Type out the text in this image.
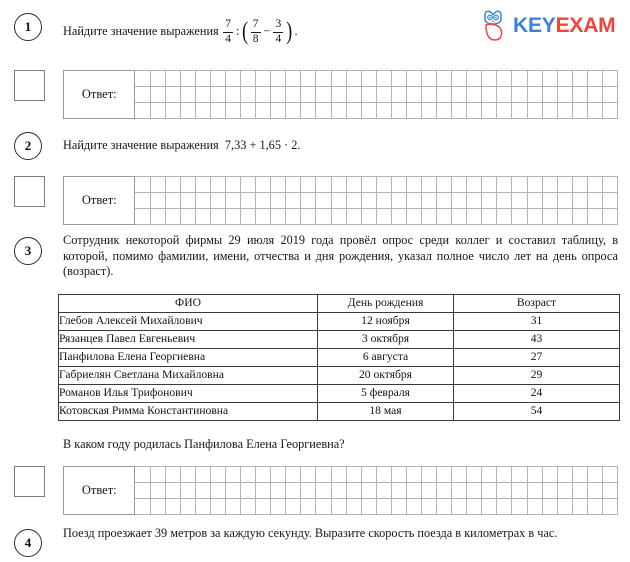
KEYEXAM
1	Найдите значение выражения $\frac{7}{4}$ : ( $\frac{7}{8} - \frac{3}{4}$ ) .
Ответ:																																

2	Найдите значение выражения 7,33 + 1,65 · 2.
Ответ:																																

3
Сотрудник некоторой фирмы 29 июля 2019 года провёл опрос среди коллег и составил таблицу, в которой, помимо фамилии, имени, отчества и дня рождения, указал полное число лет на день опроса (возраст).
ФИО	День рождения	Возраст
Глебов Алексей Михайлович	12 ноября	31
Рязанцев Павел Евгеньевич	3 октября	43
Панфилова Елена Георгиевна	6 августа	27
Габриелян Светлана Михайловна	20 октября	29
Романов Илья Трифонович	5 февраля	24
Котовская Римма Константиновна	18 мая	54
В каком году родилась Панфилова Елена Георгиевна?
Ответ:																																

4
Поезд проезжает 39 метров за каждую секунду. Выразите скорость поезда в километрах в час.
